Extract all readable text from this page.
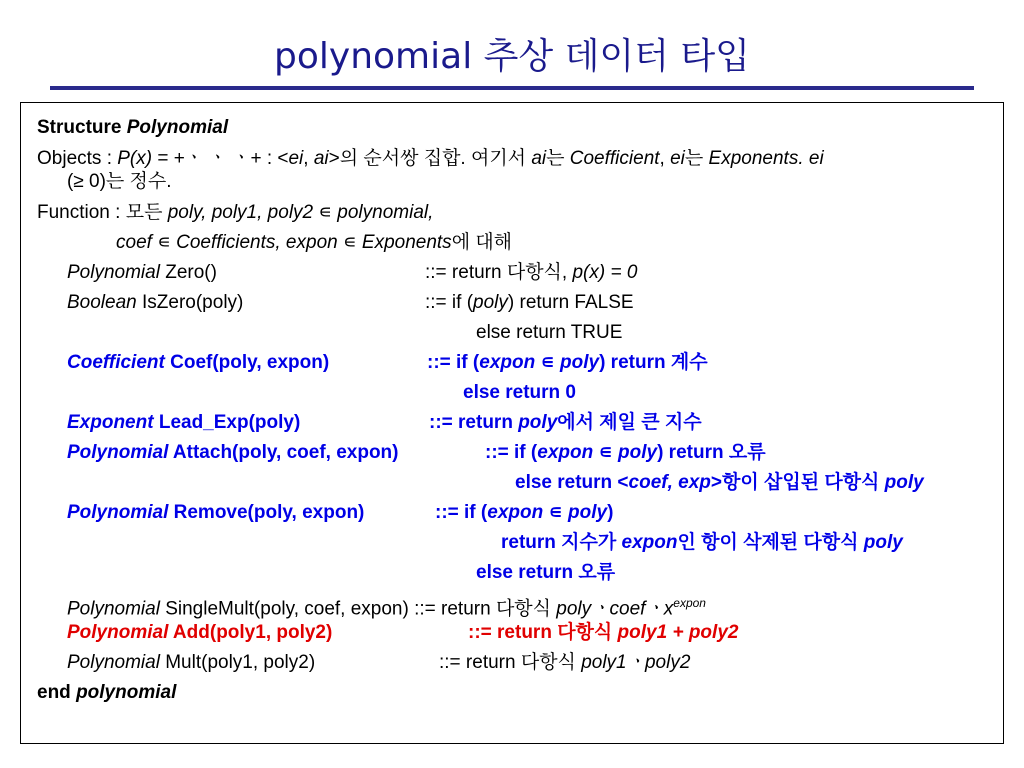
polynomial 추상 데이터 타입
Structure Polynomial
Objects : P(x) = +ㆍ ㆍ ㆍ+ : <ei, ai>의 순서쌍 집합. 여기서 ai는 Coefficient, ei는 Exponents. ei
(≥ 0)는 정수.
Function : 모든 poly, poly1, poly2 ∊ polynomial,
coef ∊ Coefficients, expon ∊ Exponents에 대해
Polynomial Zero()	::= return 다항식, p(x) = 0
Boolean IsZero(poly)	::= if (poly) return FALSE
else return TRUE
Coefficient Coef(poly, expon)	::= if (expon ∊ poly) return 계수
else return 0
Exponent Lead_Exp(poly)	::= return poly에서 제일 큰 지수
Polynomial Attach(poly, coef, expon)	::= if (expon ∊ poly) return 오류
else return <coef, exp>항이 삽입된 다항식 poly
Polynomial Remove(poly, expon)	::= if (expon ∊ poly)
return 지수가 expon인 항이 삭제된 다항식 poly
else return 오류
Polynomial SingleMult(poly, coef, expon) ::= return 다항식 polyㆍcoefㆍ$x^{expon}$
Polynomial Add(poly1, poly2)	::= return 다항식 poly1 + poly2
Polynomial Mult(poly1, poly2)	::= return 다항식 poly1ㆍpoly2
end polynomial
